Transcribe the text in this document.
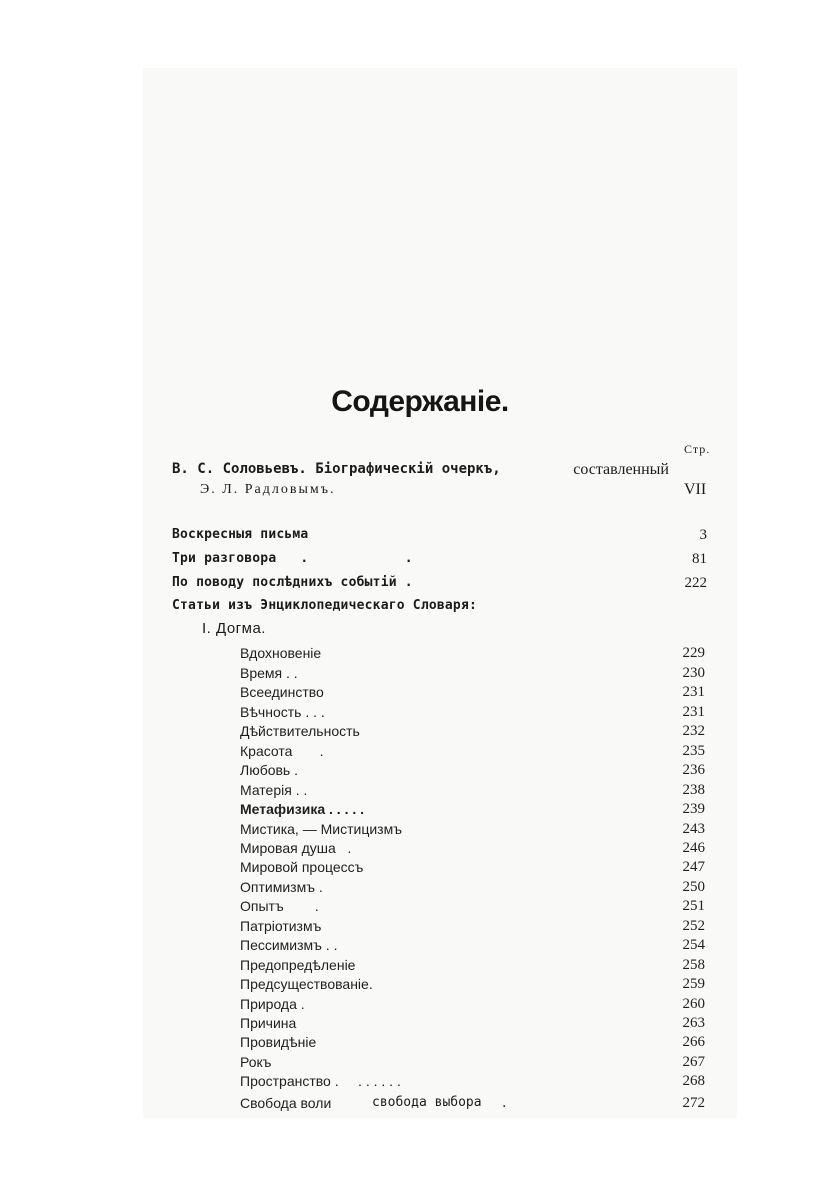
Содержаніе.
Стр.
В. С. Соловьевъ. Біографическій очеркъ,	составленный
Э. Л. Радловымъ.	VII
Воскресныя письма	3
Три разговора   .            .	81
По поводу послѣднихъ событій .	222
Статьи изъ Энциклопедическаго Словаря:
I. Догма.
Вдохновеніе	229
Время . .	230
Всеединство	231
Вѣчность . . .	231
Дѣйствительность	232
Красота       .	235
Любовь .	236
Матерія . .	238
Метафизика . . . . .	239
Мистика, — Мистицизмъ	243
Мировая душа   .	246
Мировой процессъ	247
Оптимизмъ .	250
Опытъ        .	251
Патріотизмъ	252
Пессимизмъ . .	254
Предопредѣленіе	258
Предсуществованіе.	259
Природа .	260
Причина	263
Провидѣніе	266
Рокъ	267
Пространство .     . . . . . .	268
Свобода воли	свобода выбора .	272
